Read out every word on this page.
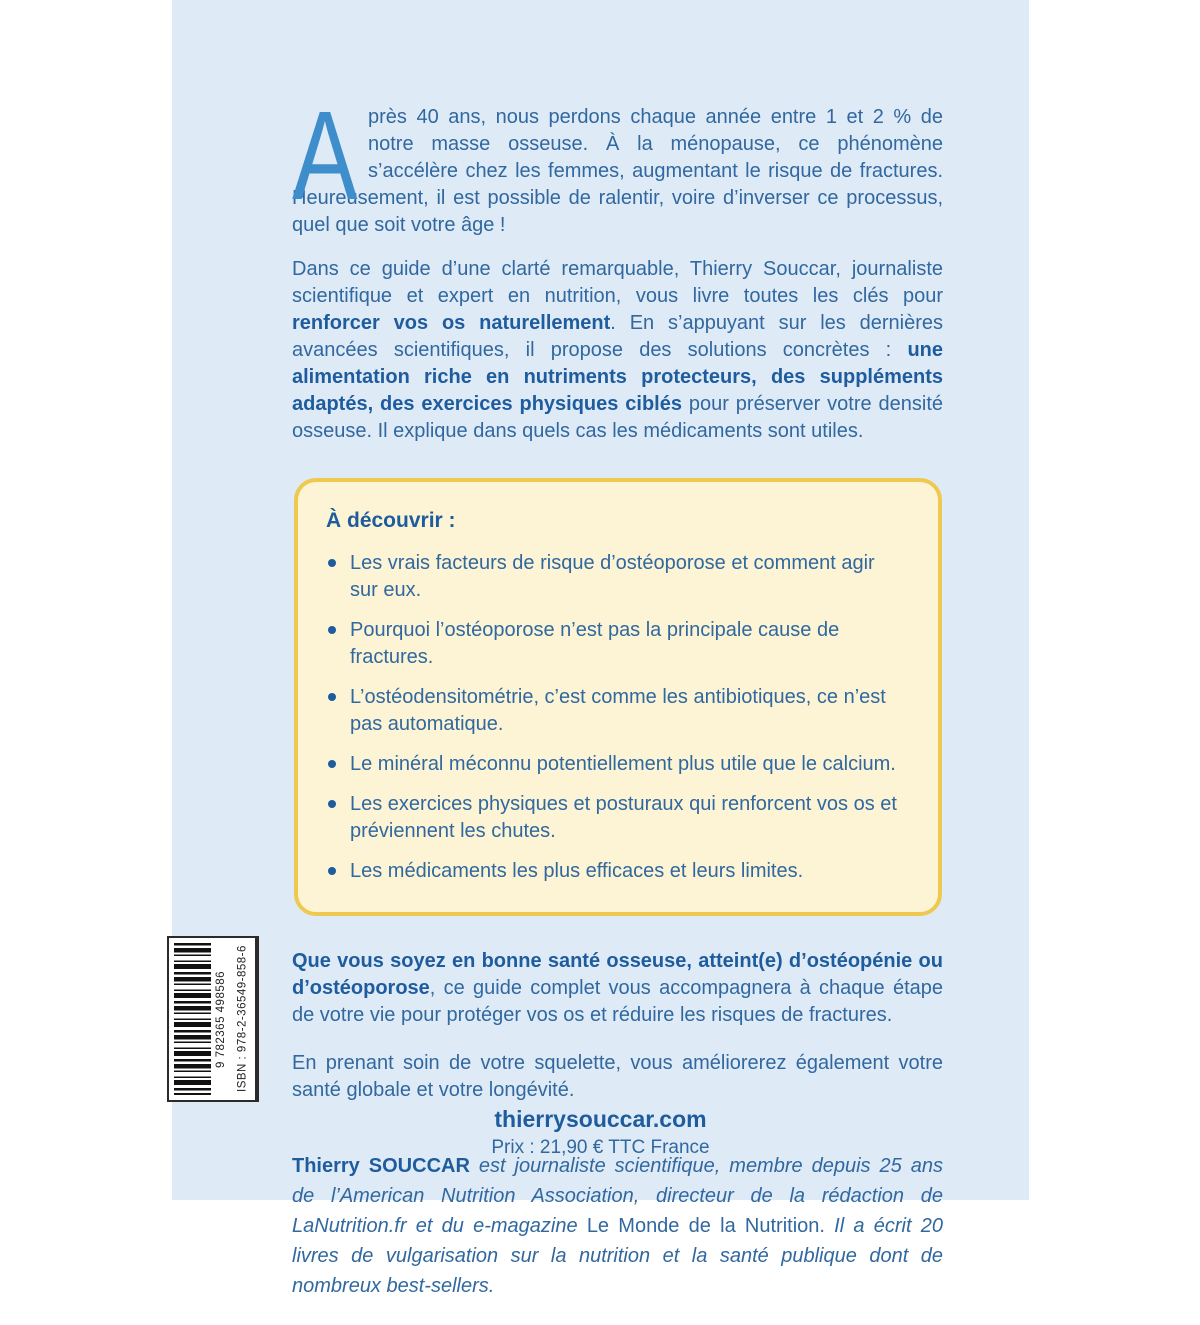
Après 40 ans, nous perdons chaque année entre 1 et 2 % de notre masse osseuse. À la ménopause, ce phénomène s’accélère chez les femmes, augmentant le risque de fractures. Heureusement, il est possible de ralentir, voire d’inverser ce processus, quel que soit votre âge !

Dans ce guide d’une clarté remarquable, Thierry Souccar, journaliste scientifique et expert en nutrition, vous livre toutes les clés pour renforcer vos os naturellement. En s’appuyant sur les dernières avancées scientifiques, il propose des solutions concrètes : une alimentation riche en nutriments protecteurs, des suppléments adaptés, des exercices physiques ciblés pour préserver votre densité osseuse. Il explique dans quels cas les médicaments sont utiles.

À découvrir :
Les vrais facteurs de risque d’ostéoporose et comment agir sur eux.
Pourquoi l’ostéoporose n’est pas la principale cause de fractures.
L’ostéodensitométrie, c’est comme les antibiotiques, ce n’est pas automatique.
Le minéral méconnu potentiellement plus utile que le calcium.
Les exercices physiques et posturaux qui renforcent vos os et préviennent les chutes.
Les médicaments les plus efficaces et leurs limites.

Que vous soyez en bonne santé osseuse, atteint(e) d’ostéopénie ou d’ostéoporose, ce guide complet vous accompagnera à chaque étape de votre vie pour protéger vos os et réduire les risques de fractures.

En prenant soin de votre squelette, vous améliorerez également votre santé globale et votre longévité.

Thierry SOUCCAR est journaliste scientifique, membre depuis 25 ans de l’American Nutrition Association, directeur de la rédaction de LaNutrition.fr et du e-magazine Le Monde de la Nutrition. Il a écrit 20 livres de vulgarisation sur la nutrition et la santé publique dont de nombreux best-sellers.

thierrysouccar.com
Prix : 21,90 € TTC France
9 782365 498586 ISBN : 978-2-36549-858-6
